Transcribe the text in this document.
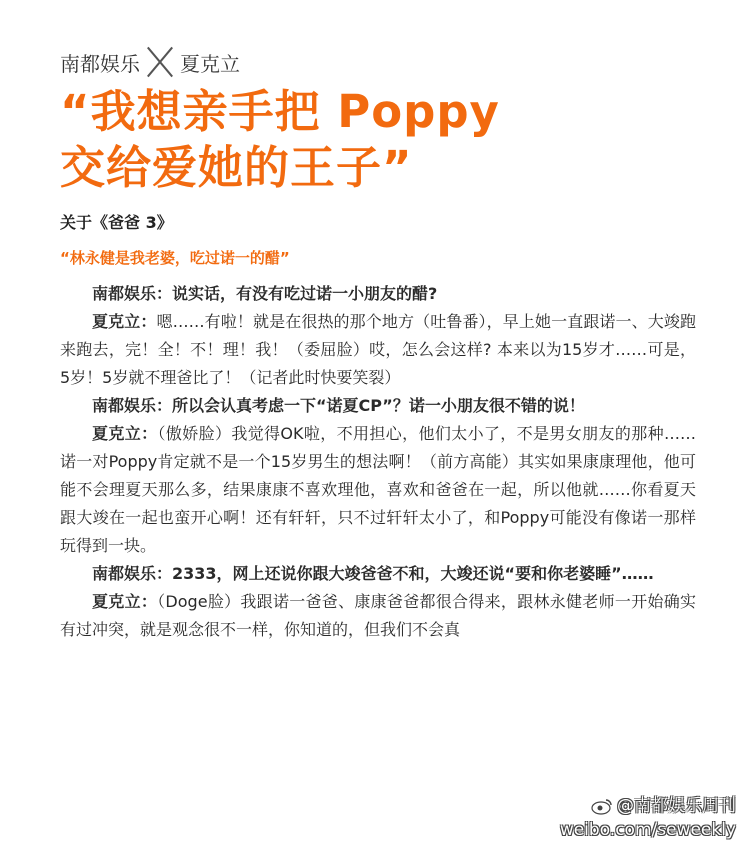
南都娱乐 夏克立
“我想亲手把 Poppy
交给爱她的王子”
关于《爸爸 3》
“林永健是我老婆，吃过诺一的醋”

南都娱乐：说实话，有没有吃过诺一小朋友的醋?

夏克立：嗯……有啦！就是在很热的那个地方（吐鲁番），早上她一直跟诺一、大竣跑来跑去，完！全！不！理！我！（委屈脸）哎，怎么会这样? 本来以为15岁才……可是，5岁！5岁就不理爸比了！（记者此时快要笑裂）

南都娱乐：所以会认真考虑一下“诺夏CP”？诺一小朋友很不错的说！

夏克立：（傲娇脸）我觉得OK啦，不用担心，他们太小了，不是男女朋友的那种……诺一对Poppy肯定就不是一个15岁男生的想法啊！（前方高能）其实如果康康理他，他可能不会理夏天那么多，结果康康不喜欢理他，喜欢和爸爸在一起，所以他就……你看夏天跟大竣在一起也蛮开心啊！还有轩轩，只不过轩轩太小了，和Poppy可能没有像诺一那样玩得到一块。

南都娱乐：2333，网上还说你跟大竣爸爸不和，大竣还说“要和你老婆睡”……

夏克立：（Doge脸）我跟诺一爸爸、康康爸爸都很合得来，跟林永健老师一开始确实有过冲突，就是观念很不一样，你知道的，但我们不会真

@南都娱乐周刊
weibo.com/seweekly
